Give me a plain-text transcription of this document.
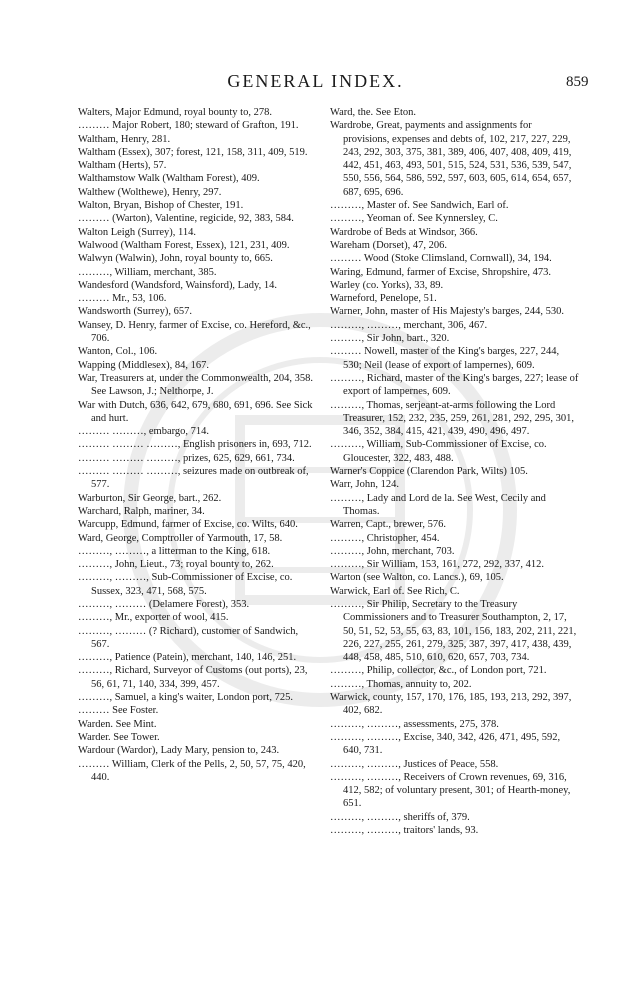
GENERAL INDEX.	859
Walters, Major Edmund, royal bounty to, 278.
……… Major Robert, 180; steward of Grafton, 191.
Waltham, Henry, 281.
Waltham (Essex), 307; forest, 121, 158, 311, 409, 519.
Waltham (Herts), 57.
Walthamstow Walk (Waltham Forest), 409.
Walthew (Wolthewe), Henry, 297.
Walton, Bryan, Bishop of Chester, 191.
……… (Warton), Valentine, regicide, 92, 383, 584.
Walton Leigh (Surrey), 114.
Walwood (Waltham Forest, Essex), 121, 231, 409.
Walwyn (Walwin), John, royal bounty to, 665.
………, William, merchant, 385.
Wandesford (Wandsford, Wainsford), Lady, 14.
……… Mr., 53, 106.
Wandsworth (Surrey), 657.
Wansey, D. Henry, farmer of Excise, co. Hereford, &c., 706.
Wanton, Col., 106.
Wapping (Middlesex), 84, 167.
War, Treasurers at, under the Commonwealth, 204, 358. See Lawson, J.; Nelthorpe, J.
War with Dutch, 636, 642, 679, 680, 691, 696. See Sick and hurt.
……… ………, embargo, 714.
……… ……… ………, English prisoners in, 693, 712.
……… ……… ………, prizes, 625, 629, 661, 734.
……… ……… ………, seizures made on outbreak of, 577.
Warburton, Sir George, bart., 262.
Warchard, Ralph, mariner, 34.
Warcupp, Edmund, farmer of Excise, co. Wilts, 640.
Ward, George, Comptroller of Yarmouth, 17, 58.
………, ………, a litterman to the King, 618.
………, John, Lieut., 73; royal bounty to, 262.
………, ………, Sub-Commissioner of Excise, co. Sussex, 323, 471, 568, 575.
………, ……… (Delamere Forest), 353.
………, Mr., exporter of wool, 415.
………, ……… (? Richard), customer of Sandwich, 567.
………, Patience (Patein), merchant, 140, 146, 251.
………, Richard, Surveyor of Customs (out ports), 23, 56, 61, 71, 140, 334, 399, 457.
………, Samuel, a king's waiter, London port, 725.
……… See Foster.
Warden. See Mint.
Warder. See Tower.
Wardour (Wardor), Lady Mary, pension to, 243.
……… William, Clerk of the Pells, 2, 50, 57, 75, 420, 440.
Ward, the. See Eton.
Wardrobe, Great, payments and assignments for provisions, expenses and debts of, 102, 217, 227, 229, 243, 292, 303, 375, 381, 389, 406, 407, 408, 409, 419, 442, 451, 463, 493, 501, 515, 524, 531, 536, 539, 547, 550, 556, 564, 586, 592, 597, 603, 605, 614, 654, 657, 687, 695, 696.
………, Master of. See Sandwich, Earl of.
………, Yeoman of. See Kynnersley, C.
Wardrobe of Beds at Windsor, 366.
Wareham (Dorset), 47, 206.
……… Wood (Stoke Climsland, Cornwall), 34, 194.
Waring, Edmund, farmer of Excise, Shropshire, 473.
Warley (co. Yorks), 33, 89.
Warneford, Penelope, 51.
Warner, John, master of His Majesty's barges, 244, 530.
………, ………, merchant, 306, 467.
………, Sir John, bart., 320.
……… Nowell, master of the King's barges, 227, 244, 530; Neil (lease of export of lampernes), 609.
………, Richard, master of the King's barges, 227; lease of export of lampernes, 609.
………, Thomas, serjeant-at-arms following the Lord Treasurer, 152, 232, 235, 259, 261, 281, 292, 295, 301, 346, 352, 384, 415, 421, 439, 490, 496, 497.
………, William, Sub-Commissioner of Excise, co. Gloucester, 322, 483, 488.
Warner's Coppice (Clarendon Park, Wilts) 105.
Warr, John, 124.
………, Lady and Lord de la. See West, Cecily and Thomas.
Warren, Capt., brewer, 576.
………, Christopher, 454.
………, John, merchant, 703.
………, Sir William, 153, 161, 272, 292, 337, 412.
Warton (see Walton, co. Lancs.), 69, 105.
Warwick, Earl of. See Rich, C.
………, Sir Philip, Secretary to the Treasury Commissioners and to Treasurer Southampton, 2, 17, 50, 51, 52, 53, 55, 63, 83, 101, 156, 183, 202, 211, 221, 226, 227, 255, 261, 279, 325, 387, 397, 417, 438, 439, 448, 458, 485, 510, 610, 620, 657, 703, 734.
………, Philip, collector, &c., of London port, 721.
………, Thomas, annuity to, 202.
Warwick, county, 157, 170, 176, 185, 193, 213, 292, 397, 402, 682.
………, ………, assessments, 275, 378.
………, ………, Excise, 340, 342, 426, 471, 495, 592, 640, 731.
………, ………, Justices of Peace, 558.
………, ………, Receivers of Crown revenues, 69, 316, 412, 582; of voluntary present, 301; of Hearth-money, 651.
………, ………, sheriffs of, 379.
………, ………, traitors' lands, 93.
